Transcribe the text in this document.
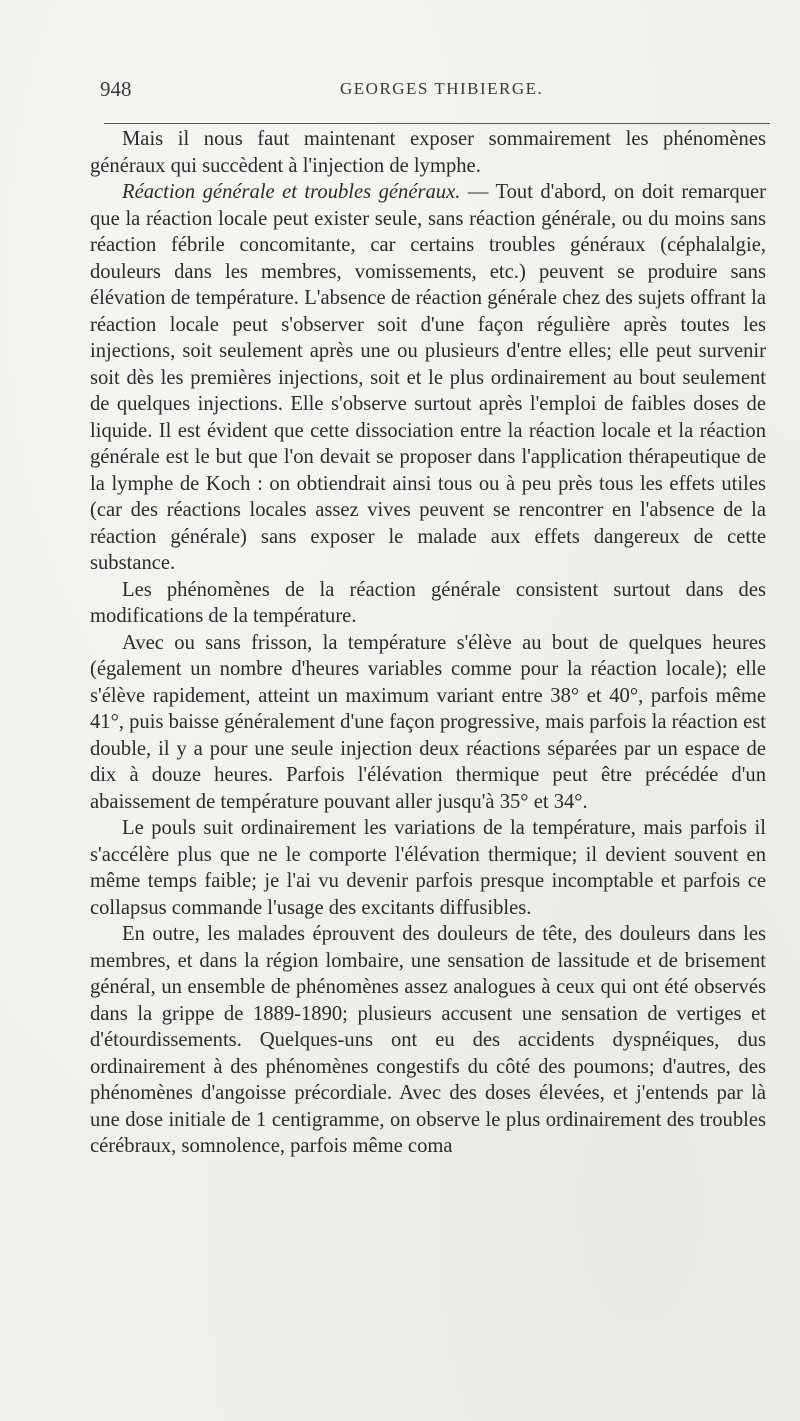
948	GEORGES THIBIERGE.

Mais il nous faut maintenant exposer sommairement les phénomènes généraux qui succèdent à l'injection de lymphe.

Réaction générale et troubles généraux. — Tout d'abord, on doit remarquer que la réaction locale peut exister seule, sans réaction générale, ou du moins sans réaction fébrile concomitante, car certains troubles généraux (céphalalgie, douleurs dans les membres, vomissements, etc.) peuvent se produire sans élévation de température. L'absence de réaction générale chez des sujets offrant la réaction locale peut s'observer soit d'une façon régulière après toutes les injections, soit seulement après une ou plusieurs d'entre elles; elle peut survenir soit dès les premières injections, soit et le plus ordinairement au bout seulement de quelques injections. Elle s'observe surtout après l'emploi de faibles doses de liquide. Il est évident que cette dissociation entre la réaction locale et la réaction générale est le but que l'on devait se proposer dans l'application thérapeutique de la lymphe de Koch : on obtiendrait ainsi tous ou à peu près tous les effets utiles (car des réactions locales assez vives peuvent se rencontrer en l'absence de la réaction générale) sans exposer le malade aux effets dangereux de cette substance.

Les phénomènes de la réaction générale consistent surtout dans des modifications de la température.

Avec ou sans frisson, la température s'élève au bout de quelques heures (également un nombre d'heures variables comme pour la réaction locale); elle s'élève rapidement, atteint un maximum variant entre 38° et 40°, parfois même 41°, puis baisse généralement d'une façon progressive, mais parfois la réaction est double, il y a pour une seule injection deux réactions séparées par un espace de dix à douze heures. Parfois l'élévation thermique peut être précédée d'un abaissement de température pouvant aller jusqu'à 35° et 34°.

Le pouls suit ordinairement les variations de la température, mais parfois il s'accélère plus que ne le comporte l'élévation thermique; il devient souvent en même temps faible; je l'ai vu devenir parfois presque incomptable et parfois ce collapsus commande l'usage des excitants diffusibles.

En outre, les malades éprouvent des douleurs de tête, des douleurs dans les membres, et dans la région lombaire, une sensation de lassitude et de brisement général, un ensemble de phénomènes assez analogues à ceux qui ont été observés dans la grippe de 1889-1890; plusieurs accusent une sensation de vertiges et d'étourdissements. Quelques-uns ont eu des accidents dyspnéiques, dus ordinairement à des phénomènes congestifs du côté des poumons; d'autres, des phénomènes d'angoisse précordiale. Avec des doses élevées, et j'entends par là une dose initiale de 1 centigramme, on observe le plus ordinairement des troubles cérébraux, somnolence, parfois même coma
